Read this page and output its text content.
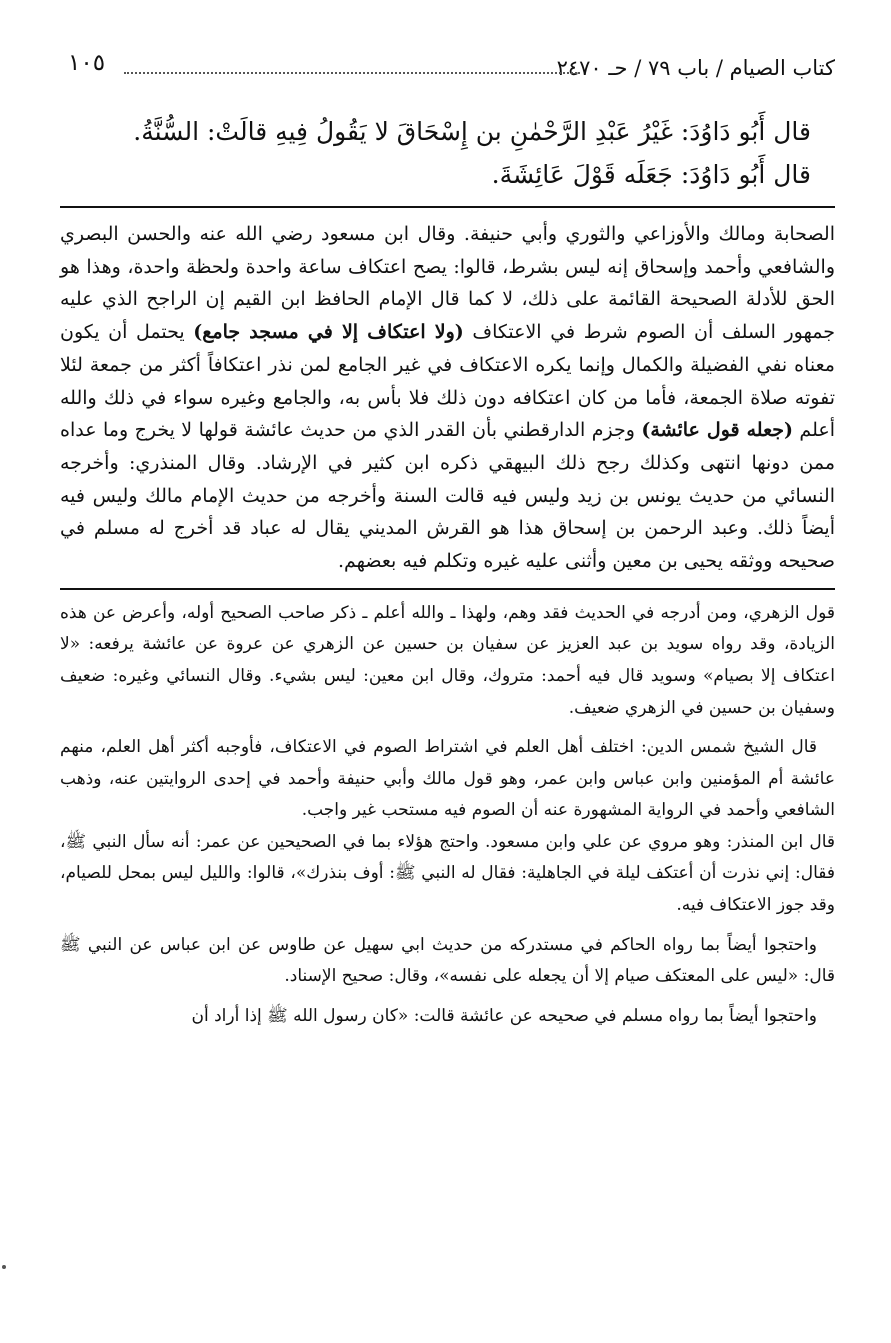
كتاب الصيام / باب ٧٩ / حـ ٢٤٧٠
١٠٥
قال أَبُو دَاوُدَ: غَيْرُ عَبْدِ الرَّحْمٰنِ بن إِسْحَاقَ لا يَقُولُ فِيهِ قالَتْ: السُّنَّةُ.
قال أَبُو دَاوُدَ: جَعَلَه قَوْلَ عَائِشَةَ.

الصحابة ومالك والأوزاعي والثوري وأبي حنيفة. وقال ابن مسعود رضي الله عنه والحسن البصري والشافعي وأحمد وإسحاق إنه ليس بشرط، قالوا: يصح اعتكاف ساعة واحدة ولحظة واحدة، وهذا هو الحق للأدلة الصحيحة القائمة على ذلك، لا كما قال الإمام الحافظ ابن القيم إن الراجح الذي عليه جمهور السلف أن الصوم شرط في الاعتكاف (ولا اعتكاف إلا في مسجد جامع) يحتمل أن يكون معناه نفي الفضيلة والكمال وإنما يكره الاعتكاف في غير الجامع لمن نذر اعتكافاً أكثر من جمعة لئلا تفوته صلاة الجمعة، فأما من كان اعتكافه دون ذلك فلا بأس به، والجامع وغيره سواء في ذلك والله أعلم (جعله قول عائشة) وجزم الدارقطني بأن القدر الذي من حديث عائشة قولها لا يخرج وما عداه ممن دونها انتهى وكذلك رجح ذلك البيهقي ذكره ابن كثير في الإرشاد. وقال المنذري: وأخرجه النسائي من حديث يونس بن زيد وليس فيه قالت السنة وأخرجه من حديث الإمام مالك وليس فيه أيضاً ذلك. وعبد الرحمن بن إسحاق هذا هو القرش المديني يقال له عباد قد أخرج له مسلم في صحيحه ووثقه يحيى بن معين وأثنى عليه غيره وتكلم فيه بعضهم.

قول الزهري، ومن أدرجه في الحديث فقد وهم، ولهذا ـ والله أعلم ـ ذكر صاحب الصحيح أوله، وأعرض عن هذه الزيادة، وقد رواه سويد بن عبد العزيز عن سفيان بن حسين عن الزهري عن عروة عن عائشة يرفعه: «لا اعتكاف إلا بصيام» وسويد قال فيه أحمد: متروك، وقال ابن معين: ليس بشيء. وقال النسائي وغيره: ضعيف وسفيان بن حسين في الزهري ضعيف.

قال الشيخ شمس الدين: اختلف أهل العلم في اشتراط الصوم في الاعتكاف، فأوجبه أكثر أهل العلم، منهم عائشة أم المؤمنين وابن عباس وابن عمر، وهو قول مالك وأبي حنيفة وأحمد في إحدى الروايتين عنه، وذهب الشافعي وأحمد في الرواية المشهورة عنه أن الصوم فيه مستحب غير واجب.

قال ابن المنذر: وهو مروي عن علي وابن مسعود. واحتج هؤلاء بما في الصحيحين عن عمر: أنه سأل النبي ﷺ، فقال: إني نذرت أن أعتكف ليلة في الجاهلية: فقال له النبي ﷺ: أوف بنذرك»، قالوا: والليل ليس بمحل للصيام، وقد جوز الاعتكاف فيه.

واحتجوا أيضاً بما رواه الحاكم في مستدركه من حديث ابي سهيل عن طاوس عن ابن عباس عن النبي ﷺ قال: «ليس على المعتكف صيام إلا أن يجعله على نفسه»، وقال: صحيح الإسناد.

واحتجوا أيضاً بما رواه مسلم في صحيحه عن عائشة قالت: «كان رسول الله ﷺ إذا أراد أن
